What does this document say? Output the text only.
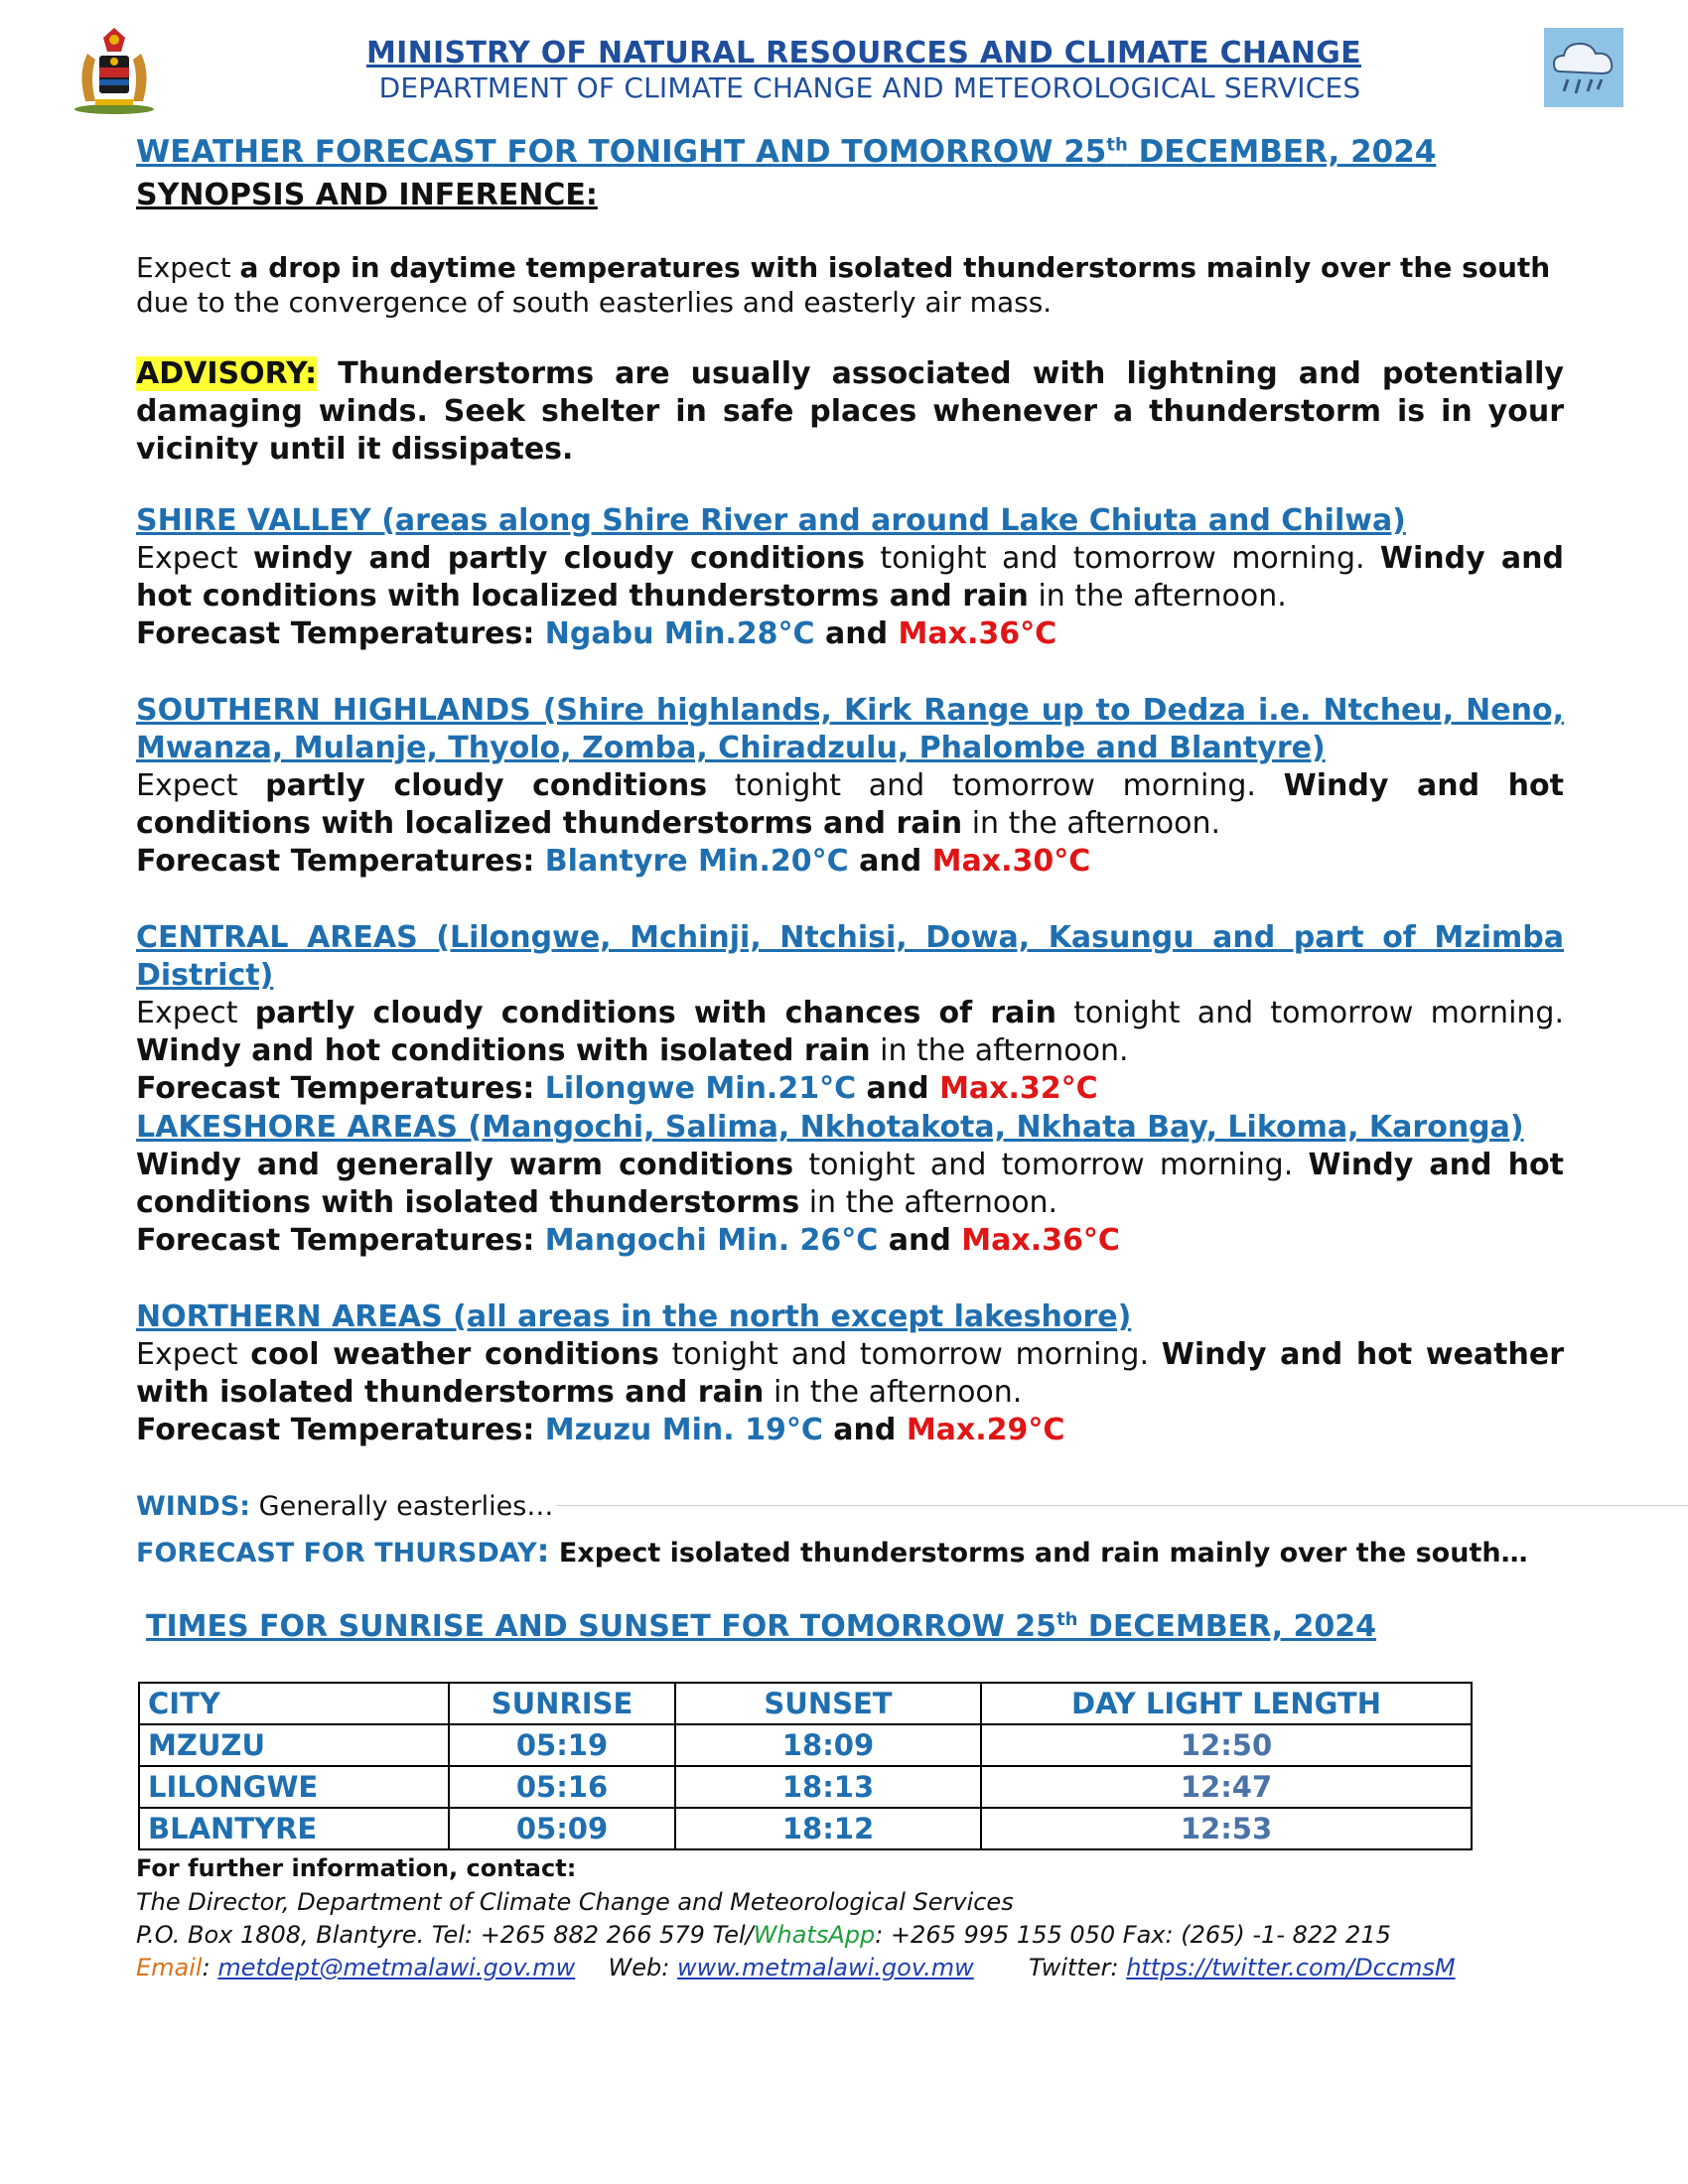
MINISTRY OF NATURAL RESOURCES AND CLIMATE CHANGE
DEPARTMENT OF CLIMATE CHANGE AND METEOROLOGICAL SERVICES
WEATHER FORECAST FOR TONIGHT AND TOMORROW 25th DECEMBER, 2024
SYNOPSIS AND INFERENCE:
Expect a drop in daytime temperatures with isolated thunderstorms mainly over the south due to the convergence of south easterlies and easterly air mass.
ADVISORY: Thunderstorms are usually associated with lightning and potentially damaging winds. Seek shelter in safe places whenever a thunderstorm is in your vicinity until it dissipates.
SHIRE VALLEY (areas along Shire River and around Lake Chiuta and Chilwa)
Expect windy and partly cloudy conditions tonight and tomorrow morning. Windy and hot conditions with localized thunderstorms and rain in the afternoon.
Forecast Temperatures: Ngabu Min.28°C and Max.36°C
SOUTHERN HIGHLANDS (Shire highlands, Kirk Range up to Dedza i.e. Ntcheu, Neno, Mwanza, Mulanje, Thyolo, Zomba, Chiradzulu, Phalombe and Blantyre)
Expect partly cloudy conditions tonight and tomorrow morning. Windy and hot conditions with localized thunderstorms and rain in the afternoon.
Forecast Temperatures: Blantyre Min.20°C and Max.30°C
CENTRAL AREAS (Lilongwe, Mchinji, Ntchisi, Dowa, Kasungu and part of Mzimba District)
Expect partly cloudy conditions with chances of rain tonight and tomorrow morning. Windy and hot conditions with isolated rain in the afternoon.
Forecast Temperatures: Lilongwe Min.21°C and Max.32°C
LAKESHORE AREAS (Mangochi, Salima, Nkhotakota, Nkhata Bay, Likoma, Karonga)
Windy and generally warm conditions tonight and tomorrow morning. Windy and hot conditions with isolated thunderstorms in the afternoon.
Forecast Temperatures: Mangochi Min. 26°C and Max.36°C
NORTHERN AREAS (all areas in the north except lakeshore)
Expect cool weather conditions tonight and tomorrow morning. Windy and hot weather with isolated thunderstorms and rain in the afternoon.
Forecast Temperatures: Mzuzu Min. 19°C and Max.29°C
WINDS: Generally easterlies…
FORECAST FOR THURSDAY: Expect isolated thunderstorms and rain mainly over the south…
TIMES FOR SUNRISE AND SUNSET FOR TOMORROW 25th DECEMBER, 2024
CITY	SUNRISE	SUNSET	DAY LIGHT LENGTH
MZUZU	05:19	18:09	12:50
LILONGWE	05:16	18:13	12:47
BLANTYRE	05:09	18:12	12:53
For further information, contact:
The Director, Department of Climate Change and Meteorological Services
P.O. Box 1808, Blantyre. Tel: +265 882 266 579 Tel/WhatsApp: +265 995 155 050 Fax: (265) -1- 822 215
Email: metdept@metmalawi.gov.mw Web: www.metmalawi.gov.mw Twitter: https://twitter.com/DccmsM
